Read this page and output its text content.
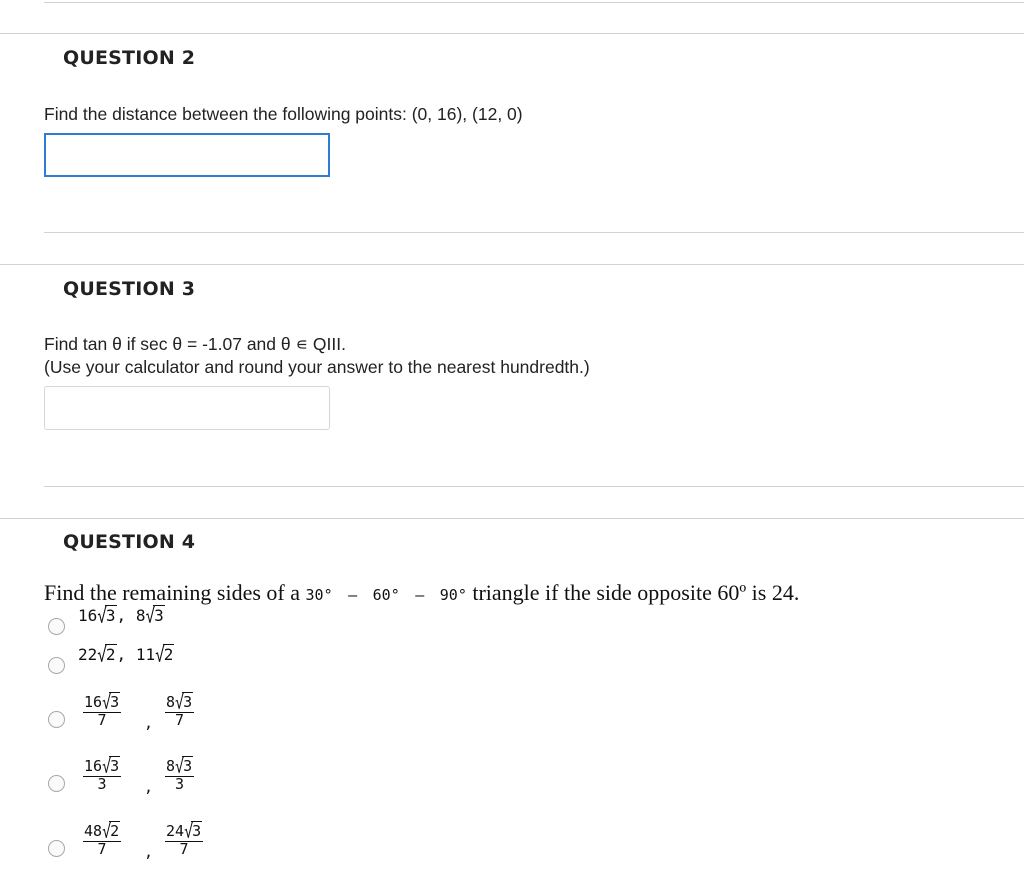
QUESTION 2
Find the distance between the following points: (0, 16), (12, 0)
QUESTION 3
Find tan θ if sec θ = -1.07 and θ ∊ QIII.
(Use your calculator and round your answer to the nearest hundredth.)
QUESTION 4
Find the remaining sides of a 30° – 60° – 90° triangle if the side opposite 60º is 24.
16√3, 8√3
22√2, 11√2
$\frac{16√3}{7}$ , $\frac{8√3}{7}$
$\frac{16√3}{3}$ , $\frac{8√3}{3}$
$\frac{48√2}{7}$ , $\frac{24√3}{7}$
